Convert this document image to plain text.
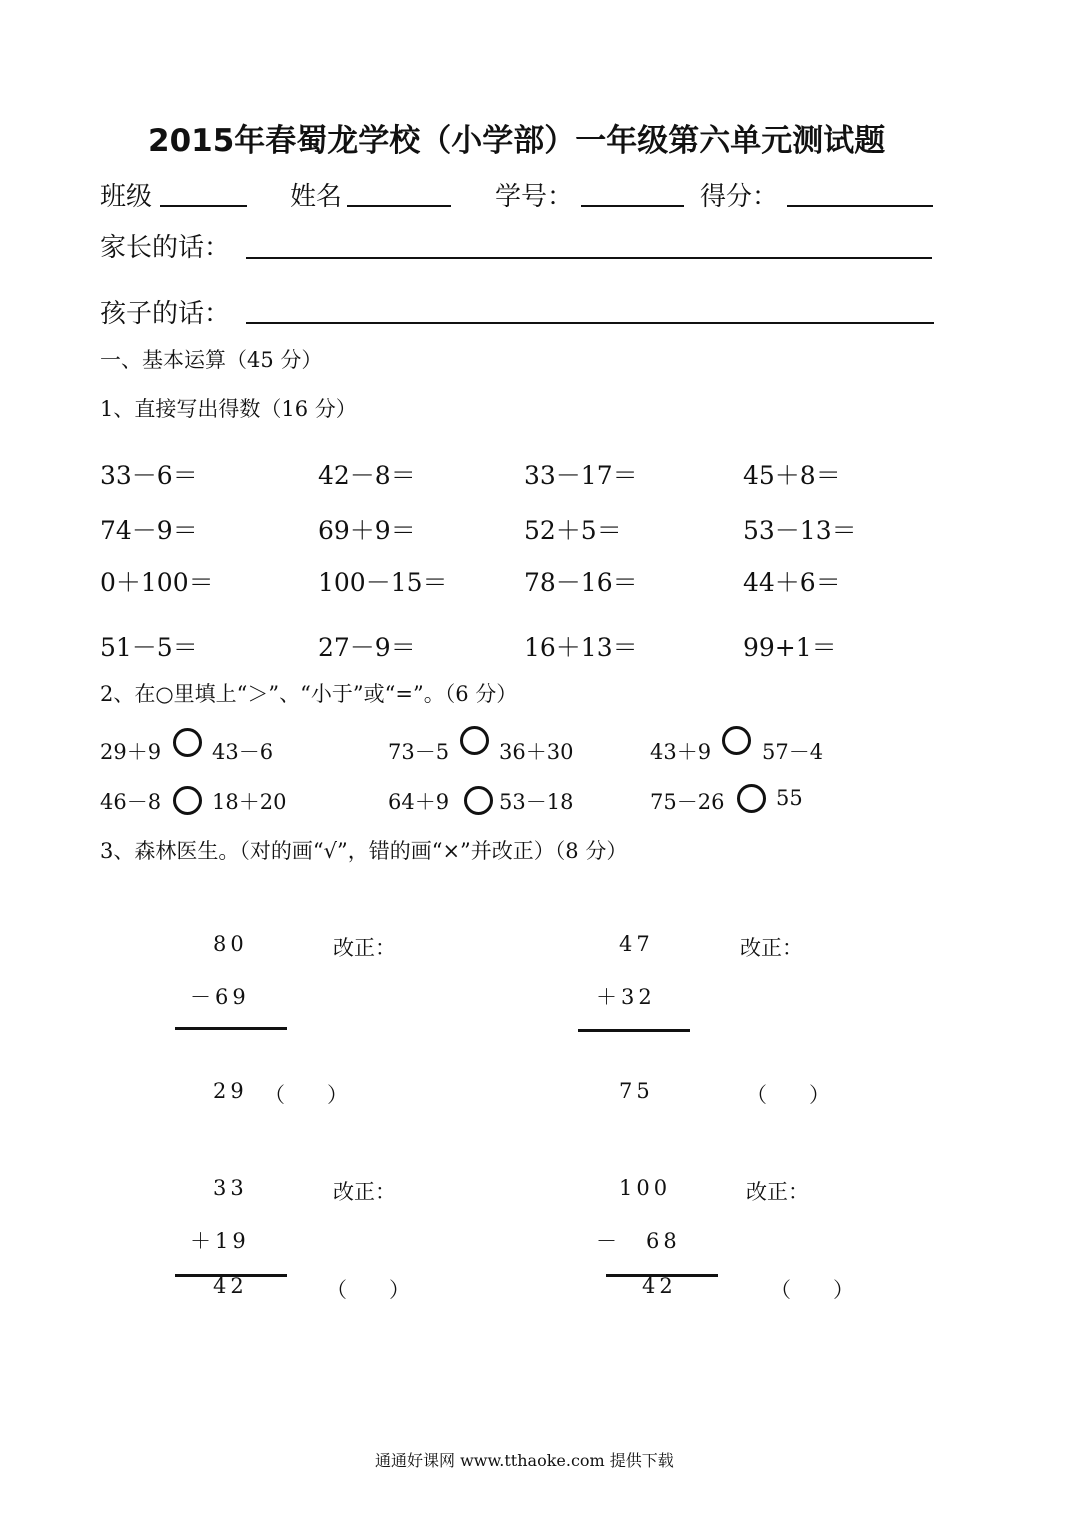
2015年春蜀龙学校（小学部）一年级第六单元测试题
班级	姓名	学号：	得分：
家长的话：
孩子的话：
一、基本运算（45 分）
1、直接写出得数（16 分）
33－6＝	42－8＝	33－17＝	45＋8＝
74－9＝	69＋9＝	52＋5＝	53－13＝
0＋100＝	100－15＝	78－16＝	44＋6＝
51－5＝	27－9＝	16＋13＝	99+1＝
2、在○里填上“＞”、“小于”或“=”。（6 分）
29＋9 43－6	73－5 36＋30	43＋9 57－4
46－8 18＋20	64＋9 53－18	75－26 55
3、森林医生。（对的画“√”，错的画“×”并改正）（8 分）
80
－69
29 （　　）
改正：	47
＋32
75	（　　）
改正：
33
＋19
42	（　　）
改正：	100
－　68
42	（　　）
改正：
通通好课网 www.tthaoke.com 提供下载
